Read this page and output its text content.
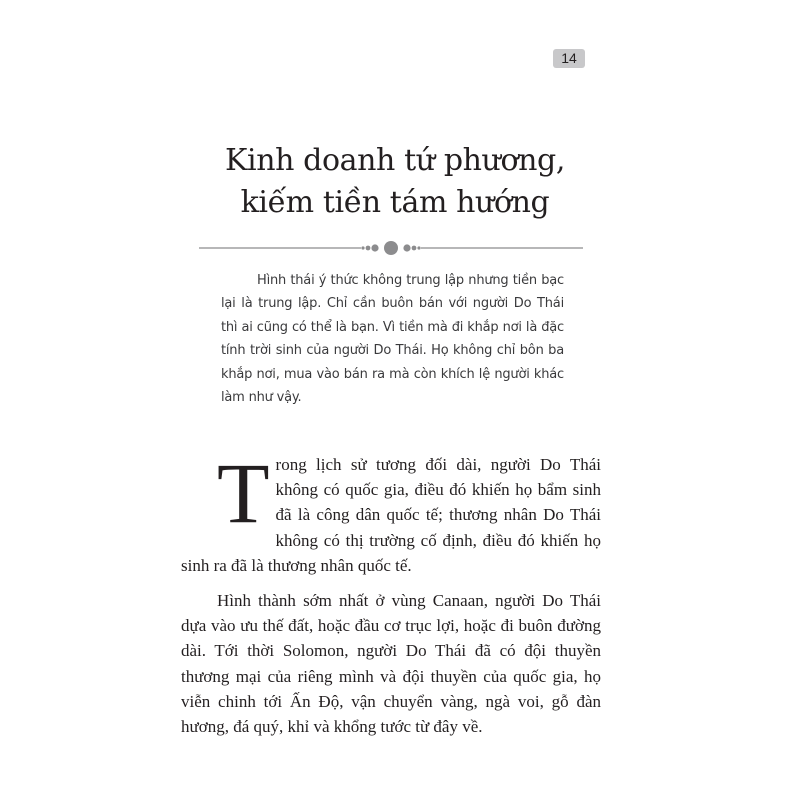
14
Kinh doanh tứ phương,
kiếm tiền tám hướng

Hình thái ý thức không trung lập nhưng tiền bạc lại là trung lập. Chỉ cần buôn bán với người Do Thái thì ai cũng có thể là bạn. Vì tiền mà đi khắp nơi là đặc tính trời sinh của người Do Thái. Họ không chỉ bôn ba khắp nơi, mua vào bán ra mà còn khích lệ người khác làm như vậy.

Trong lịch sử tương đối dài, người Do Thái không có quốc gia, điều đó khiến họ bẩm sinh đã là công dân quốc tế; thương nhân Do Thái không có thị trường cố định, điều đó khiến họ sinh ra đã là thương nhân quốc tế.

Hình thành sớm nhất ở vùng Canaan, người Do Thái dựa vào ưu thế đất, hoặc đầu cơ trục lợi, hoặc đi buôn đường dài. Tới thời Solomon, người Do Thái đã có đội thuyền thương mại của riêng mình và đội thuyền của quốc gia, họ viễn chinh tới Ấn Độ, vận chuyển vàng, ngà voi, gỗ đàn hương, đá quý, khỉ và khổng tước từ đây về.
